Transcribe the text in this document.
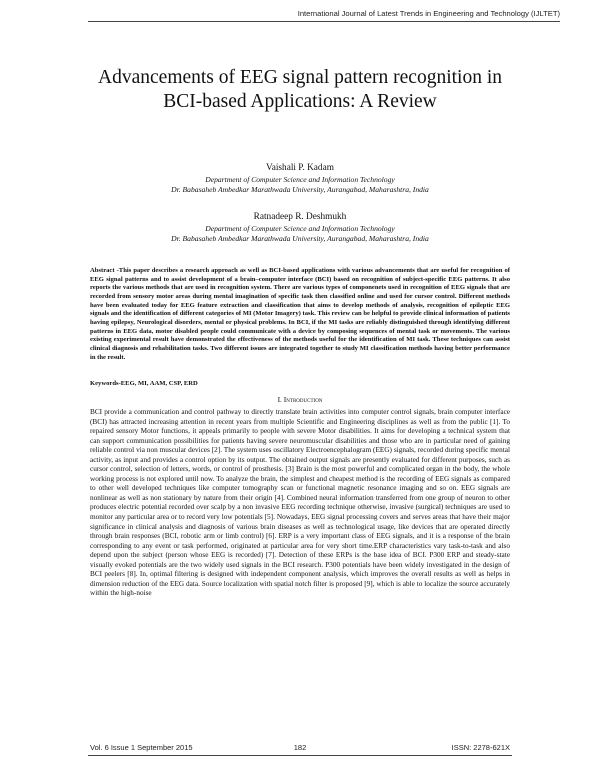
International Journal of Latest Trends in Engineering and Technology (IJLTET)
Advancements of EEG signal pattern recognition in BCI-based Applications: A Review
Vaishali P. Kadam
Department of Computer Science and Information Technology
Dr. Babasaheb Ambedkar Marathwada University, Aurangabad, Maharashtra, India
Ratnadeep R. Deshmukh
Department of Computer Science and Information Technology
Dr. Babasaheb Ambedkar Marathwada University, Aurangabad, Maharashtra, India

Abstract -This paper describes a research approach as well as BCI-based applications with various advancements that are useful for recognition of EEG signal patterns and to assist development of a brain–computer interface (BCI) based on recognition of subject-specific EEG patterns. It also reports the various methods that are used in recognition system. There are various types of componenets used in recognition of EEG signals that are recorded from sensory motor areas during mental imagination of specific task then classified online and used for cursor control. Different methods have been evaluated today for EEG feature extraction and classification that aims to develop methods of analysis, recognition of epileptic EEG signals and the identification of different categories of MI (Motor Imagery) task. This review can be helpful to provide clinical information of patients having epilepsy, Neurological disorders, mental or physical problems. In BCI, if the MI tasks are reliably distinguished through identifying different patterns in EEG data, motor disabled people could communicate with a device by composing sequences of mental task or movements. The various existing experimental result have demonstrated the effectiveness of the methods useful for the identification of MI task. These techniques can assist clinical diagnosis and rehabilitation tasks. Two different issues are integrated together to study MI classification methods having better performance in the result.

Keywords-EEG, MI, AAM, CSP, ERD

I. Introduction

BCI provide a communication and control pathway to directly translate brain activities into computer control signals, brain computer interface (BCI) has attracted increasing attention in recent years from multiple Scientific and Engineering disciplines as well as from the public [1]. To repaired sensory Motor functions, it appeals primarily to people with severe Motor disabilities. It aims for developing a technical system that can support communication possibilities for patients having severe neuromuscular disabilities and those who are in particular need of gaining reliable control via non muscular devices [2]. The system uses oscillatory Electroencephalogram (EEG) signals, recorded during specific mental activity, as input and provides a control option by its output. The obtained output signals are presently evaluated for different purposes, such as cursor control, selection of letters, words, or control of prosthesis. [3] Brain is the most powerful and complicated organ in the body, the whole working process is not explored until now. To analyze the brain, the simplest and cheapest method is the recording of EEG signals as compared to other well developed techniques like computer tomography scan or functional magnetic resonance imaging and so on. EEG signals are nonlinear as well as non stationary by nature from their origin [4]. Combined neural information transferred from one group of neuron to other produces electric potential recorded over scalp by a non invasive EEG recording technique otherwise, invasive (surgical) techniques are used to monitor any particular area or to record very low potentials [5]. Nowadays, EEG signal processing covers and serves areas that have their major significance in clinical analysis and diagnosis of various brain diseases as well as technological usage, like devices that are operated directly through brain responses (BCI, robotic arm or limb control) [6]. ERP is a very important class of EEG signals, and it is a response of the brain corresponding to any event or task performed, originated at particular area for very short time.ERP characteristics vary task-to-task and also depend upon the subject (person whose EEG is recorded) [7]. Detection of these ERPs is the base idea of BCI. P300 ERP and steady-state visually evoked potentials are the two widely used signals in the BCI research. P300 potentials have been widely investigated in the design of BCI peelers [8]. In, optimal filtering is designed with independent component analysis, which improves the overall results as well as helps in dimension reduction of the EEG data. Source localization with spatial notch filter is proposed [9], which is able to localize the source accurately within the high-noise

Vol. 6 Issue 1 September 2015	182	ISSN: 2278-621X
